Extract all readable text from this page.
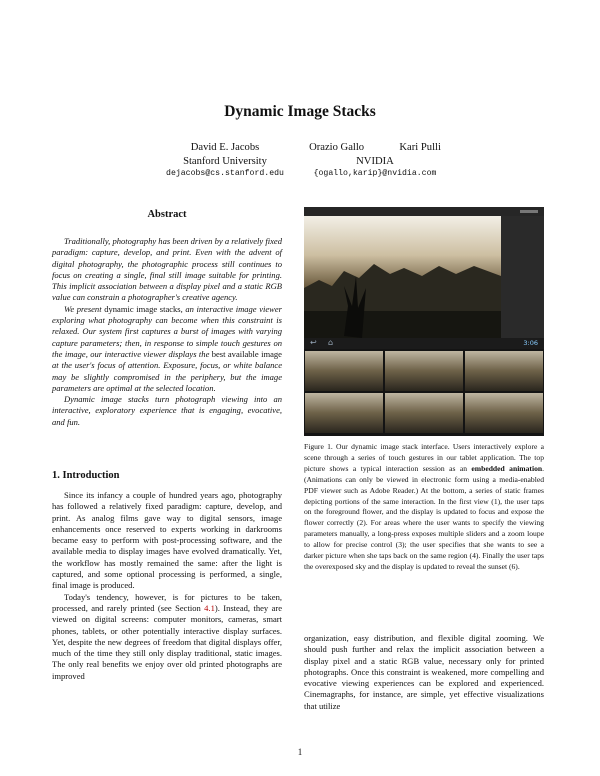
Dynamic Image Stacks
David E. Jacobs
Stanford University
dejacobs@cs.stanford.edu
Orazio Gallo	Kari Pulli
NVIDIA
{ogallo,karip}@nvidia.com
Abstract

Traditionally, photography has been driven by a relatively fixed paradigm: capture, develop, and print. Even with the advent of digital photography, the photographic process still continues to focus on creating a single, final still image suitable for printing. This implicit association between a display pixel and a static RGB value can constrain a photographer's creative agency.

We present dynamic image stacks, an interactive image viewer exploring what photography can become when this constraint is relaxed. Our system first captures a burst of images with varying capture parameters; then, in response to simple touch gestures on the image, our interactive viewer displays the best available image at the user's focus of attention. Exposure, focus, or white balance may be slightly compromised in the periphery, but the image parameters are optimal at the selected location.

Dynamic image stacks turn photograph viewing into an interactive, exploratory experience that is engaging, evocative, and fun.

1. Introduction

Since its infancy a couple of hundred years ago, photography has followed a relatively fixed paradigm: capture, develop, and print. As analog films gave way to digital sensors, image enhancements once reserved to experts working in darkrooms became easy to perform with post-processing software, and the available media to display images have evolved dramatically. Yet, the workflow has mostly remained the same: after the light is captured, and some optional processing is performed, a single, final image is produced.

Today's tendency, however, is for pictures to be taken, processed, and rarely printed (see Section 4.1). Instead, they are viewed on digital screens: computer monitors, cameras, smart phones, tablets, or other potentially interactive display surfaces. Yet, despite the new degrees of freedom that digital displays offer, much of the time they still only display traditional, static images. The only real benefits we enjoy over old printed photographs are improved

↩ ⌂	3:06
Figure 1. Our dynamic image stack interface. Users interactively explore a scene through a series of touch gestures in our tablet application. The top picture shows a typical interaction session as an embedded animation. (Animations can only be viewed in electronic form using a media-enabled PDF viewer such as Adobe Reader.) At the bottom, a series of static frames depicting portions of the same interaction. In the first view (1), the user taps on the foreground flower, and the display is updated to focus and expose the flower correctly (2). For areas where the user wants to specify the viewing parameters manually, a long-press exposes multiple sliders and a zoom loupe to allow for precise control (3); the user specifies that she wants to see a darker picture when she taps back on the same region (4). Finally the user taps the overexposed sky and the display is updated to reveal the sunset (6).

organization, easy distribution, and flexible digital zooming. We should push further and relax the implicit association between a display pixel and a static RGB value, necessary only for printed photographs. Once this constraint is weakened, more compelling and evocative viewing experiences can be explored and experienced. Cinemagraphs, for instance, are simple, yet effective visualizations that utilize

1
